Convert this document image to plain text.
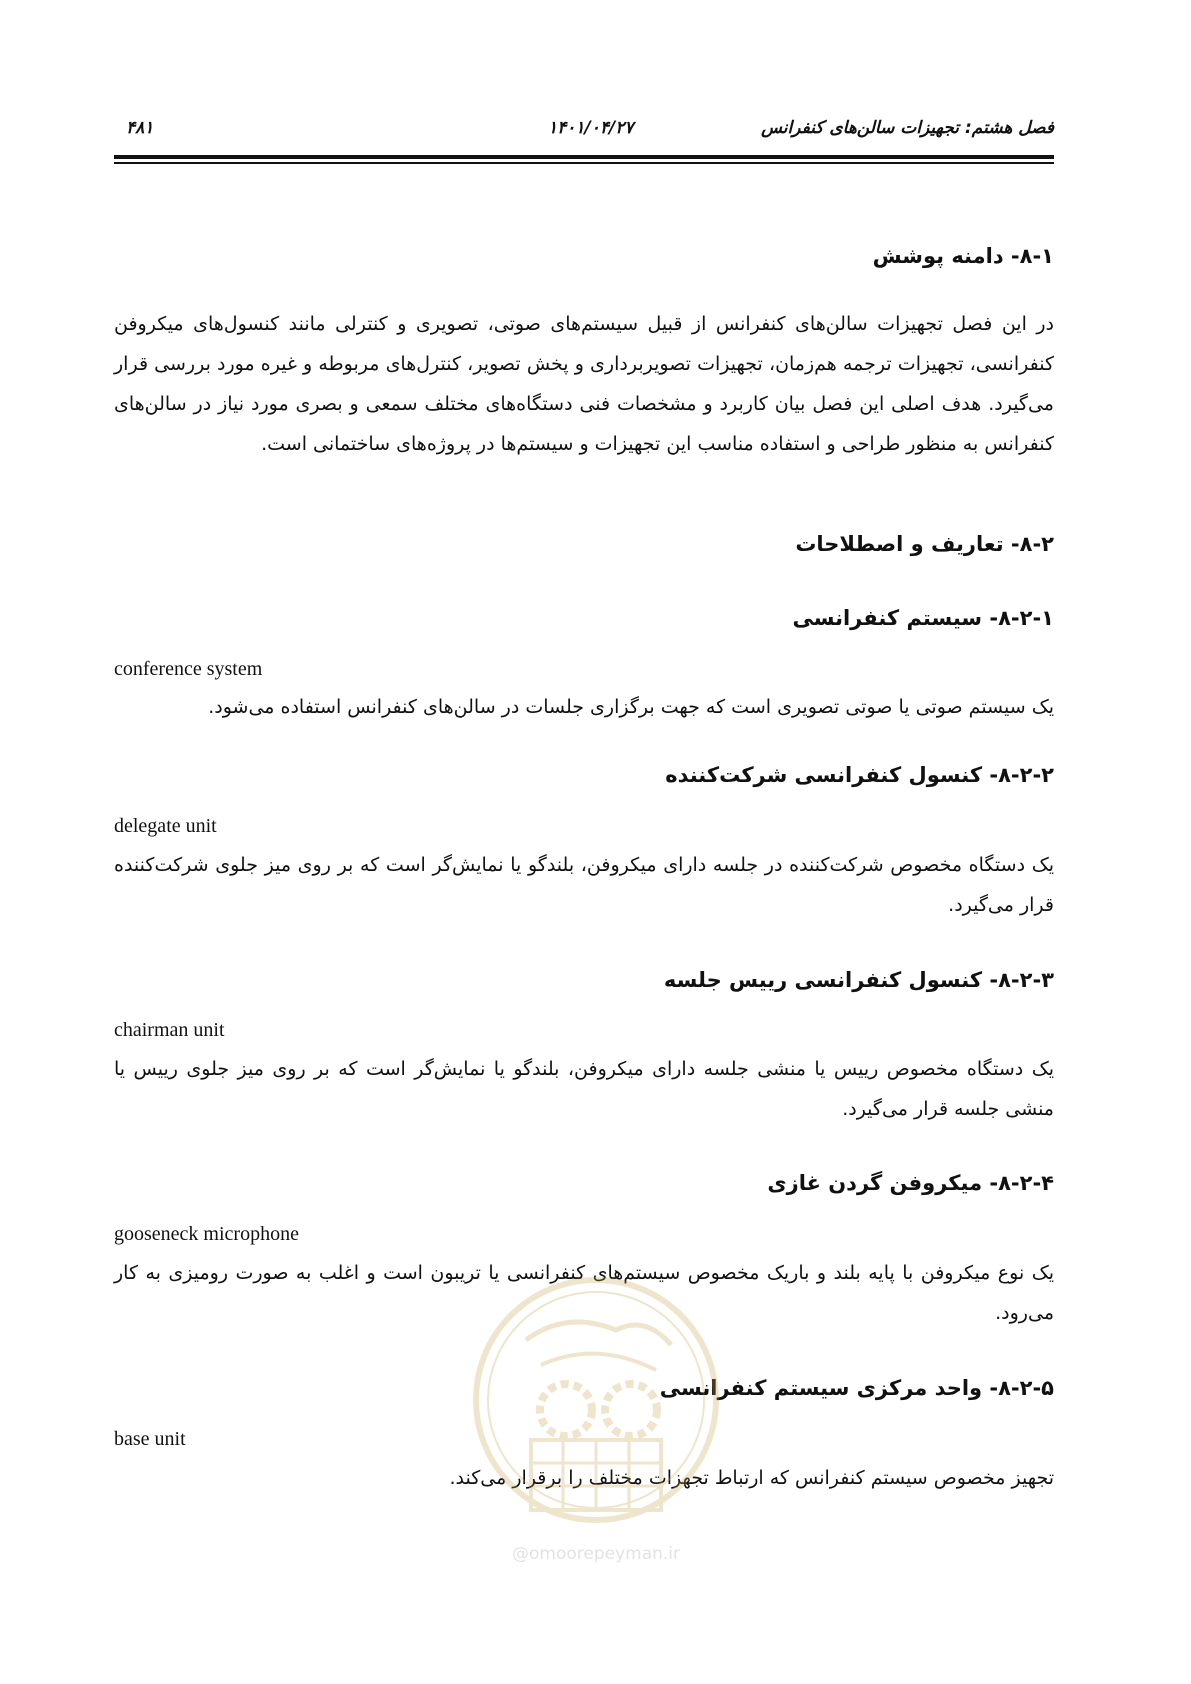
فصل هشتم: تجهیزات سالن‌های کنفرانس
۱۴۰۱/۰۴/۲۷
۴۸۱
۸-۱- دامنه پوشش
در این فصل تجهیزات سالن‌های کنفرانس از قبیل سیستم‌های صوتی، تصویری و کنترلی مانند کنسول‌های میکروفن کنفرانسی، تجهیزات ترجمه هم‌زمان، تجهیزات تصویربرداری و پخش تصویر، کنترل‌های مربوطه و غیره مورد بررسی قرار می‌گیرد. هدف اصلی این فصل بیان کاربرد و مشخصات فنی دستگاه‌های مختلف سمعی و بصری مورد نیاز در سالن‌های کنفرانس به منظور طراحی و استفاده مناسب این تجهیزات و سیستم‌ها در پروژه‌های ساختمانی است.
۸-۲- تعاریف و اصطلاحات
۸-۲-۱- سیستم کنفرانسی
conference system
یک سیستم صوتی یا صوتی تصویری است که جهت برگزاری جلسات در سالن‌های کنفرانس استفاده می‌شود.
۸-۲-۲- کنسول کنفرانسی شرکت‌کننده
delegate unit
یک دستگاه مخصوص شرکت‌کننده در جلسه دارای میکروفن، بلندگو یا نمایش‌گر است که بر روی میز جلوی شرکت‌کننده قرار می‌گیرد.
۸-۲-۳- کنسول کنفرانسی رییس جلسه
chairman unit
یک دستگاه مخصوص رییس یا منشی جلسه دارای میکروفن، بلندگو یا نمایش‌گر است که بر روی میز جلوی رییس یا منشی جلسه قرار می‌گیرد.
۸-۲-۴- میکروفن گردن غازی
gooseneck microphone
یک نوع میکروفن با پایه بلند و باریک مخصوص سیستم‌های کنفرانسی یا تریبون است و اغلب به صورت رومیزی به کار می‌رود.
۸-۲-۵- واحد مرکزی سیستم کنفرانسی
base unit
تجهیز مخصوص سیستم کنفرانس که ارتباط تجهزات مختلف را برقرار می‌کند.
@omoorepeyman.ir
